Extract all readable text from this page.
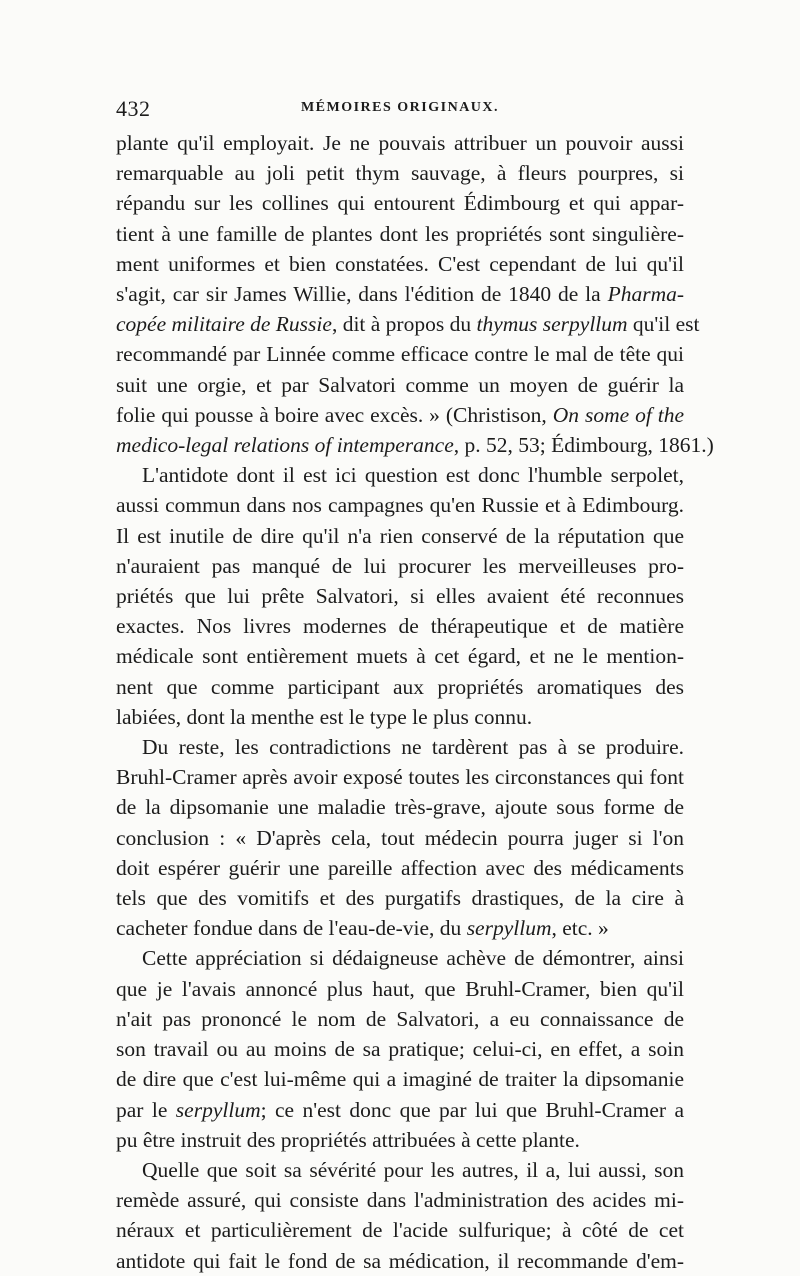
432	MÉMOIRES ORIGINAUX.

plante qu'il employait. Je ne pouvais attribuer un pouvoir aussi
remarquable au joli petit thym sauvage, à fleurs pourpres, si
répandu sur les collines qui entourent Édimbourg et qui appar-
tient à une famille de plantes dont les propriétés sont singulière-
ment uniformes et bien constatées. C'est cependant de lui qu'il
s'agit, car sir James Willie, dans l'édition de 1840 de la Pharma-
copée militaire de Russie, dit à propos du thymus serpyllum qu'il est
recommandé par Linnée comme efficace contre le mal de tête qui
suit une orgie, et par Salvatori comme un moyen de guérir la
folie qui pousse à boire avec excès. » (Christison, On some of the
medico-legal relations of intemperance, p. 52, 53; Édimbourg, 1861.)

L'antidote dont il est ici question est donc l'humble serpolet,
aussi commun dans nos campagnes qu'en Russie et à Edimbourg.
Il est inutile de dire qu'il n'a rien conservé de la réputation que
n'auraient pas manqué de lui procurer les merveilleuses pro-
priétés que lui prête Salvatori, si elles avaient été reconnues
exactes. Nos livres modernes de thérapeutique et de matière
médicale sont entièrement muets à cet égard, et ne le mention-
nent que comme participant aux propriétés aromatiques des
labiées, dont la menthe est le type le plus connu.

Du reste, les contradictions ne tardèrent pas à se produire.
Bruhl-Cramer après avoir exposé toutes les circonstances qui font
de la dipsomanie une maladie très-grave, ajoute sous forme de
conclusion : « D'après cela, tout médecin pourra juger si l'on
doit espérer guérir une pareille affection avec des médicaments
tels que des vomitifs et des purgatifs drastiques, de la cire à
cacheter fondue dans de l'eau-de-vie, du serpyllum, etc. »

Cette appréciation si dédaigneuse achève de démontrer, ainsi
que je l'avais annoncé plus haut, que Bruhl-Cramer, bien qu'il
n'ait pas prononcé le nom de Salvatori, a eu connaissance de
son travail ou au moins de sa pratique; celui-ci, en effet, a soin
de dire que c'est lui-même qui a imaginé de traiter la dipsomanie
par le serpyllum; ce n'est donc que par lui que Bruhl-Cramer a
pu être instruit des propriétés attribuées à cette plante.

Quelle que soit sa sévérité pour les autres, il a, lui aussi, son
remède assuré, qui consiste dans l'administration des acides mi-
néraux et particulièrement de l'acide sulfurique; à côté de cet
antidote qui fait le fond de sa médication, il recommande d'em-
